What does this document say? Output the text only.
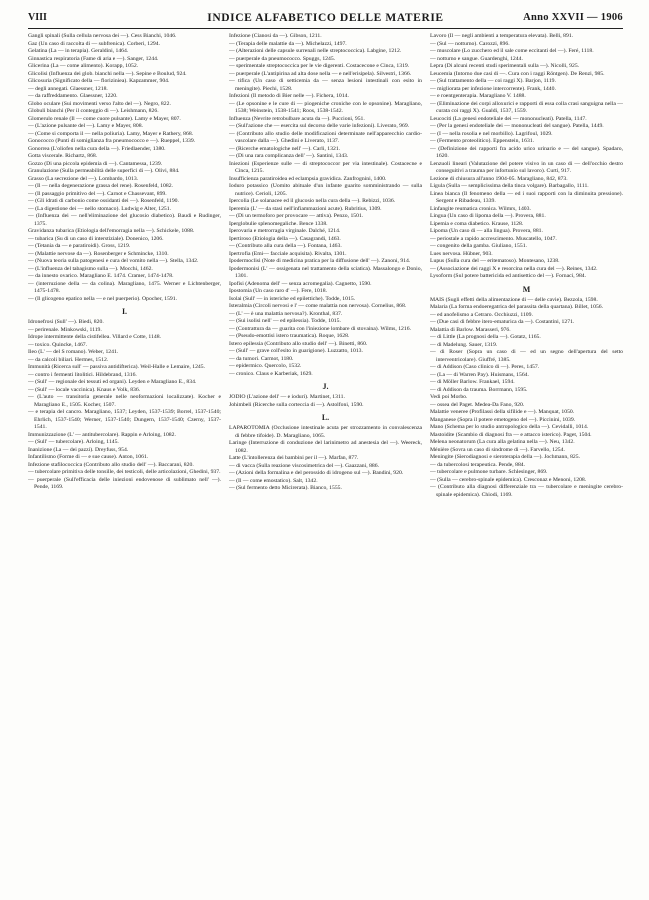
VIII	INDICE ALFABETICO DELLE MATERIE	Anno XXVII — 1906

Gangli spinali (Sulla cellula nervosa dei —). Cess Bianchi, 1046.

Gaz (Un caso di raccolta di — subfrenica). Corberi, 1294.

Gelatina (La — in terapia). Geraldini, 1464.

Ginnastica respiratoria (Fame di aria e —). Sanger, 1244.

Glicerina (La — come alimento). Korapp, 1052.

Glicolisi (Influenza dei glob. bianchi nella —). Sepine e Boulud, 924.

Glicosuria (Significato della — floriziniea). Kapzammer, 904.

— degli annegati. Glaessner, 1218.

— da raffreddamento. Glaessner, 1220.

Globo oculare (Sui movimenti verso l'alto del —). Negro, 822.

Globuli bianchi (Per il conteggio di —). Leishmann, 826.

Glomerulo renale (Il — come cuore pulsante). Lamy e Mayer, 807.

— (L'azione pulsante del —). Lamy e Mayer, 808.

— (Come si comporta il — nella poliuria). Lamy, Mayer e Rathery, 868.

Gonococco (Punti di somiglianza fra pneumococco e —). Rueppel, 1339.

Gonorrea (L'oliofen nella cura della —). Friedlaender, 1380.

Gotta viscerale. Richartz, 868.

Gozzo (Di una piccola epidemia di —). Cantamessa, 1239.

Granulazione (Sulla permeabilità delle superfici di —). Olivi, 884.

Grasso (La secrezione del —). Lombardo, 1013.

— (Il — nella degenerazione grassa del rene). Rosenfeld, 1082.

— (Il passaggio primitivo del —). Carnot e Chassevant, 899.

— (Gli idrati di carbonio come ossidanti dei —). Rosenfeld, 1190.

— (La digestione dei — nello stomaco). Ludwig e Alter, 1251.

— (Influenza dei — nell'eliminazione del glucosio diabetico). Baudi e Rudinger, 1375.

Gravidanza tubarica (Etiologia dell'emorragia nella —). Schickele, 1088.

— tubarica (Su di un caso di interstiziale). Donenico, 1206.

— (Tetania da — e paratiroidi). Gross, 1219.

— (Malattie nervose da —). Rosenberger e Schmincke, 1310.

— (Nuova teoria sulla patogenesi e cura del vomito nella —). Stella, 1342.

— (L'influenza del tabagismo sulla —). Mocchi, 1462.

— da innesto ovarico. Maragliano E. 1474. Cramer, 1474-1478.

— (interruzione della — da colina). Maragliano, 1475. Werner e Lichtenberger, 1475-1478.

— (Il glicogeno epatico nella — e nel puerperio). Opocher, 1591.

I.

Idronefrosi (Sull' —). Biedi, 820.

— perirenale. Minkowski, 1119.

Idrope intermittente della cistifellea. Villard e Cotte, 1148.

— toxico. Quincke, 1467.

Ileo (L' — del S romano). Weber, 1241.

— da calcoli biliari. Hermes, 1512.

Immunità (Ricerca sull' — passiva antidifterica). Weil-Halle e Lemaire, 1245.

— contro i fermenti litolitici. Hildebrand, 1316.

— (Sull' — regionale dei tessuti ed organi). Leyden e Maragliano E., 834.

— (Sull' — locale vaccinica). Knaus e Volk, 836.

— (L'auto — transitoria generale nelle neoformazioni localizzate). Kocher e Maragliano E., 1505. Kocher, 1507.

— e terapia del cancro. Maragliano, 1537; Leyden, 1537-1539; Borrel, 1537-1540; Ehrlich, 1537-1540; Werner, 1537-1540; Dungern, 1537-1540; Czerny, 1537-1541.

Immunizzazione (L' — antitubercolare). Rappin e Arloing, 1082.

— (Sull' — tubercolare). Arloing, 1145.

Inanizione (La — dei pazzi). Dreyfuss, 954.

Infantilismo (Forme di — e sue cause). Anton, 1061.

Infezione stafilococcica (Contributo allo studio dell' —). Baccarani, 820.

— tubercolare primitiva delle tonsille, dei testicoli, delle articolazioni, Ghedini, 937.

— puerperale (Sull'efficacia delle iniezioni endovenose di sublimato nell' —). Pende, 1169.

Infezione (Cianosi da —). Gibson, 1211.

— (Terapia delle malattie da —). Michelazzi, 1497.

— (Alterazioni delle capsule surrenali nelle streptococcica). Labgine, 1212.

— puerperale da pneumococco. Spuggs, 1245.

— sperimentale streptococcica per le vie digerenti. Costacecone e Cinca, 1319.

— puerperale (L'antipirina ad alta dose nella — e nell'erisipela). Silvestri, 1366.

— tifica (Un caso di setticemia da — senza lesioni intestinali con esito in meningite). Piechi, 1528.

Infezioni (Il metodo di Bier nelle —). Fichera, 1014.

— (Le opsonine e le cure di — piogeniche croniche con le opsonine). Maragliano, 1538; Weinstein, 1538-1541; Roos, 1538-1542.

Influenza (Nevrite retrobulbare acuta da —). Puccioni, 951.

— (Sull'azione che — esercita sul decorso delle varie infezioni). Liverato, 969.

— (Contributo allo studio delle modificazioni determinate nell'apparecchio cardio-vascolare dalla —). Ghedini e Liverato, 1137.

— (Ricerche ematologiche nell' —). Carli, 1321.

— (Di una rara complicanza dell' —). Santini, 1343.

Iniezioni (Esperienze sulle — di streptococcor per via intestinale). Costacecne e Cinca, 1215.

Insufficienza paratiroidea ed eclampsia gravidica. Zanfrognini, 1400.

Ioduro potassico (Uomito abituale d'un infante guarito somministrando — sulla nutrice). Cerioli, 1205.

Ipercolia (Le solanacee ed il glucosio nella cura della —). Rebizzi, 1036.

Iperemia (L' — da stasi nell'infiammazioni acute). Rubritius, 1309.

— (Di un termoforo per provocare — attiva). Penzo, 1501.

Iperglobulie splenomegaliche. Bence 1338.

Iperovaria e metrorragia virginale. Dalché, 1214.

Ipertiroso (Etiologia della —). Casagrandi, 1463.

— (Contributo alla cura della —). Fontana, 1463.

Ipertrofia (Emi— facciale acquisita). Rivalta, 1301.

Ipodermoclisi (Note di medicina pratica per la diffusione dell' —). Zanoni, 914.

Ipodermonisi (L' — ossigenata nel trattamento della sciatica). Massalongo e Donio, 1301.

Ipofisi (Adenoma dell' — senza acromegalia). Cagnetto, 1590.

Ipostomia (Un caso raro d' —). Fere, 1018.

Isolai (Sull' — in isteriche ed epilettiche). Todde, 1015.

Isteralmia (Circoli nervosi e l' — come malattia non nervosa). Cornelius, 868.

— (L' — è una malattia nervosa?). Kronthal, 837.

— (Sui isolisi nell' — ed epilessia). Todde, 1015.

— (Contrattura da — guarita con l'iniezione lombare di stovaina). Wilms, 1216.

— (Pseudo-emottisi istero traumatica). Roque, 1628.

Istero epilessia (Contributo allo studio dell' —). Binetti, 860.

— (Sull' — grave coll'esito in guarigione). Luzzatto, 1013.

— da tumori. Carmot, 1180.

— epidermico. Quercolo, 1532.

— cronico. Claus e Karberiak, 1629.

J.

JODIO (L'azione dell' — e ioduri). Martinet, 1311.

Johimbeli (Ricerche sulla corteccia di —). Astolfoni, 1590.

L.

LAPAROTOMIA (Occlusione intestinale acuta per strozzamento in convalescenza di febbre tifoide). D. Maragliano, 1065.

Laringe (Interruzione di conduzione del larinimetro ad anestesia del —). Weereck, 1082.

Latte (L'intollerenza dei bambini per il —). Marfan, 877.

— di vacca (Sulla reazione viscosimetrica del —). Gaazzani, 886.

— (Azioni della formalina e del perossido di idrogeno sul —). Bandini, 920.

— (Il — come emostatico). Salt, 1342.

— (Sul fermento detto Micirerata). Bianco, 1555.

Lavoro (Il — negli ambienti a temperatura elevata). Belli, 891.

— (Sul — notturno). Carozzi, 896.

— muscolare (Lo zucchero ed il sale come eccitanti del —). Feré, 1118.

— notturno e sangue. Guardenghi, 1244.

Lepra (Di alcuni recenti studi sperimentali sulla —). Nicolli, 925.

Leucemia (Intorno due casi di —. Cura con i raggi Röntgen). De Renzi, 985.

— (Sul trattamento della — coi raggi X). Barjon, 1119.

— migliorata per infezione intercorrente). Frank, 1440.

— e roentgenterapia. Maragliano V. 1488.

— (Eliminazione dei corpi alloxurici e rapporti di essa colla crasi sanguigna nella — curata coi raggi X). Gualdi, 1537, 1559.

Leucociti (La genesi endoteliale dei — mononucleati). Patella, 1147.

— (Per la genesi endoteliale dei — mononucleati del sangue). Patella, 1449.

— (I — nella rosolia e nel morbillo). Lagrifoul, 1029.

— (Fermento proteolitico). Eppenstein, 1631.

— (Definizione dei rapporti fra acido urico urinario e — del sangue). Spadaro, 1620.

Lenzuoli lineari (Valutazione del potere visivo in un caso di — dell'occhio destro conseguitivi a trauma per infortunio sul lavoro). Curti, 917.

Lezione di chiusura all'anno 1904-05. Maragliano, 842, 873.

Ligula (Sulla — semplicissima della tinca volgare). Barbagallo, 1111.

Linea bianca (Il fenomeno della — ed i suoi rapporti con la diminuita pressione). Sergent e Ribadeau, 1339.

Linfangite reumatica cronica. Wilmrs, 1403.

Lingua (Un caso di lipoma della —). Provera, 881.

Lipemia e coma diabetico. Krause, 1128.

Lipoma (Un caso di — alla lingua). Provera, 881.

— periostale a rapido accrescimento. Muscatello, 1047.

— congenito della gamba. Giuliano, 1551.

Lues nervosa. Hübner, 903.

Lupus (Sulla cura del — eritematoso). Montesano, 1238.

— (Associazione dei raggi X e resorcina nella cura del —). Reines, 1342.

Lysoform (Sul potere battericida ed antisettico del —). Fornaci, 984.

M

MAIS (Sugli effetti della alimentazione di — delle cavie). Bezzola, 1598.

Malaria (La forma endoeregatrica del parassita della quartana). Billet, 1056.

— ed anofelismo a Cetraro. Occhiuzzi, 1109.

— (Due casi di febbre itero-ematurica da —). Costantini, 1271.

Malattia di Barlow. Marasseri, 976.

— di Little (La prognosi della —). Gotatz, 1165.

— di Madelung. Sauer, 1319.

— di Roser (Sopra un caso di — ed un segno dell'apertura del setto interventricolare). Giuffré, 1385.

— di Addison (Caso clinico di —). Peres, 1457.

— (La — di Warren Pay). Huismans, 1564.

— di Möller Barlow. Frankael, 1594.

— di Addison da trauma. Borrmann, 1595.

Vedi poi Morbo.

— ossea del Paget. Medea-Da Fano, 920.

Malattie veneree (Profilassi della sifilide e —). Manquat, 1050.

Manganese (Sopra il potere emetogeno del —). Piccinini, 1039.

Mano (Schema per lo studio antropologico della —). Cevidalli, 1014.

Mastoidite (Scambio di diagnosi fra — e attacco isterico). Paget, 1504.

Melena neonatorum (La cura alla gelatina nella —). Neu, 1342.

Ménière (Sovra un caso di sindrome di —). Farvello, 1254.

Meningite (Sierodiagnosi e sieroterapia della —). Jochmann, 825.

— da tubercolosi terapeutica. Pende, 884.

— tubercolare e pulmone turbare. Schlesinger, 869.

— (Sulla — cerebro-spinale epidemica). Cresconaz e Menoni, 1208.

— (Contributo alla diagnosi differenziale tra — tubercolare e meningite cerebro-spinale epidemica). Chiodi, 1169.
